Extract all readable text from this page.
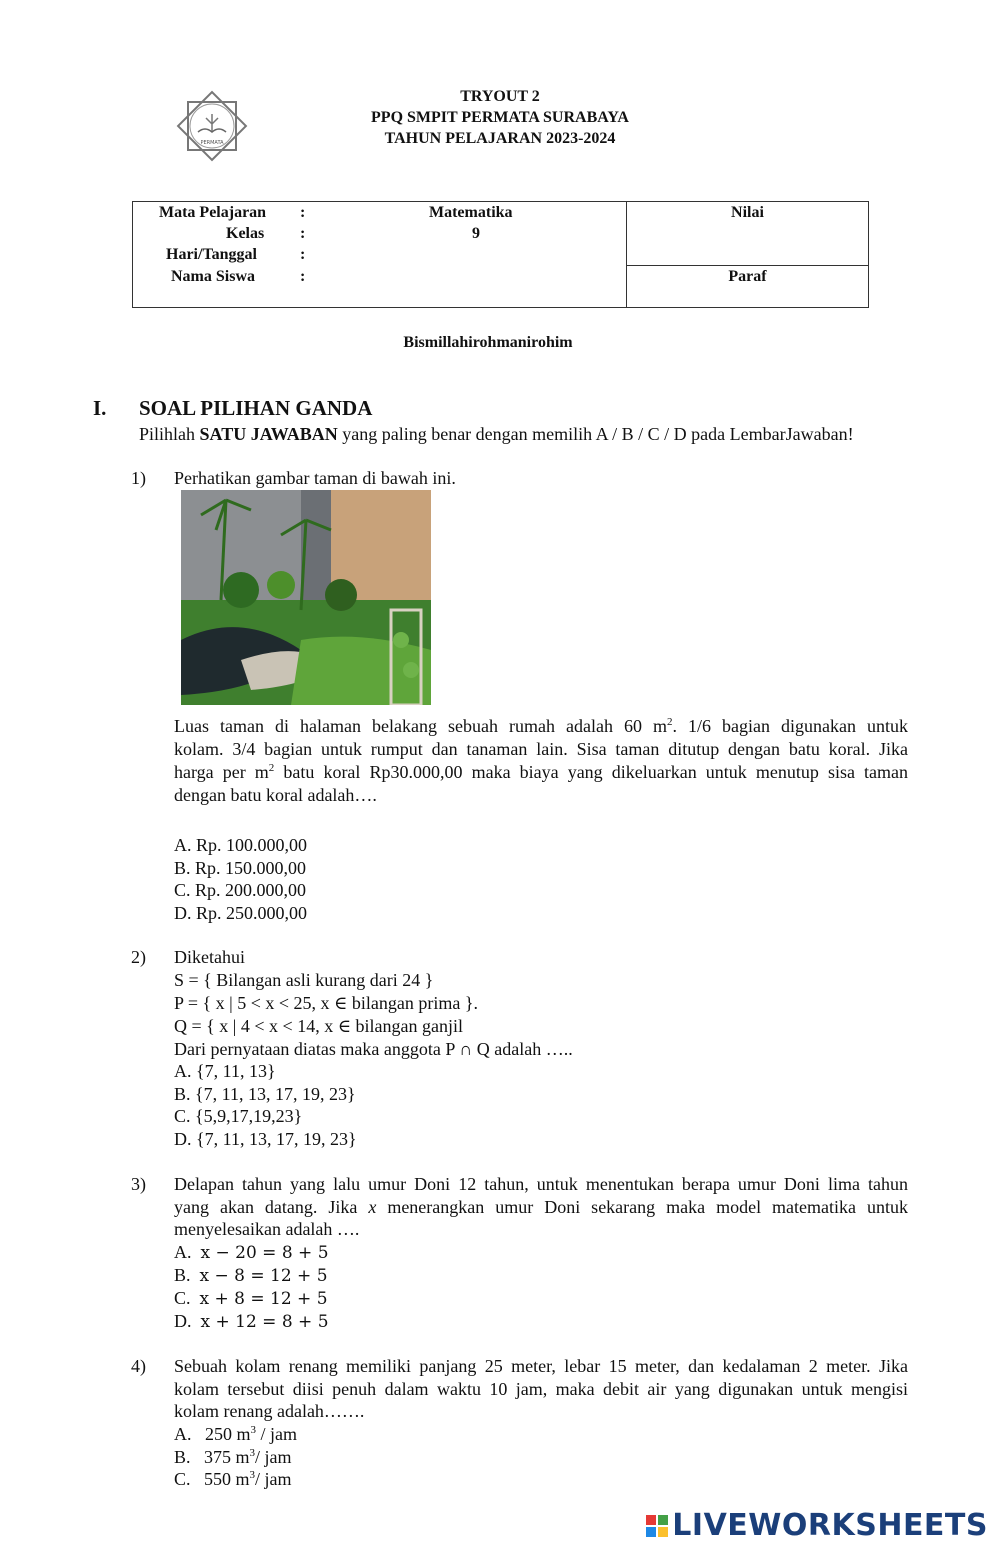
PERMATA
TRYOUT 2
PPQ SMPIT PERMATA SURABAYA
TAHUN PELAJARAN 2023-2024
Mata Pelajaran :	Matematika
Kelas :	9
Hari/Tanggal	:
Nama Siswa	:

Nilai

Paraf
Bismillahirohmanirohim
I. SOAL PILIHAN GANDA
Pilihlah SATU JAWABAN yang paling benar dengan memilih A / B / C / D pada LembarJawaban!
1) Perhatikan gambar taman di bawah ini.
Luas taman di halaman belakang sebuah rumah adalah 60 $m^2$. 1/6 bagian digunakan untuk
kolam. 3/4 bagian untuk rumput dan tanaman lain. Sisa taman ditutup dengan batu koral. Jika
harga per $m^2$ batu koral Rp30.000,00 maka biaya yang dikeluarkan untuk menutup sisa taman
dengan batu koral adalah….
A. Rp. 100.000,00
B. Rp. 150.000,00
C. Rp. 200.000,00
D. Rp. 250.000,00
2) Diketahui
S = { Bilangan asli kurang dari 24 }
P = { x | 5 < x < 25, x ∈ bilangan prima }.
Q = { x | 4 < x < 14, x ∈ bilangan ganjil
Dari pernyataan diatas maka anggota P ∩ Q adalah …..
A. {7, 11, 13}
B. {7, 11, 13, 17, 19, 23}
C. {5,9,17,19,23}
D. {7, 11, 13, 17, 19, 23}
3) Delapan tahun yang lalu umur Doni 12 tahun, untuk menentukan berapa umur Doni lima tahun
yang akan datang. Jika x menerangkan umur Doni sekarang maka model matematika untuk
menyelesaikan adalah ….
A. x − 20 = 8 + 5
B. x − 8 = 12 + 5
C. x + 8 = 12 + 5
D. x + 12 = 8 + 5
4) Sebuah kolam renang memiliki panjang 25 meter, lebar 15 meter, dan kedalaman 2 meter. Jika
kolam tersebut diisi penuh dalam waktu 10 jam, maka debit air yang digunakan untuk mengisi
kolam renang adalah…….
A. 250 $m^3$ / jam
B. 375 $m^3/$ jam
C. 550 $m^3/$ jam
LIVEWORKSHEETS
